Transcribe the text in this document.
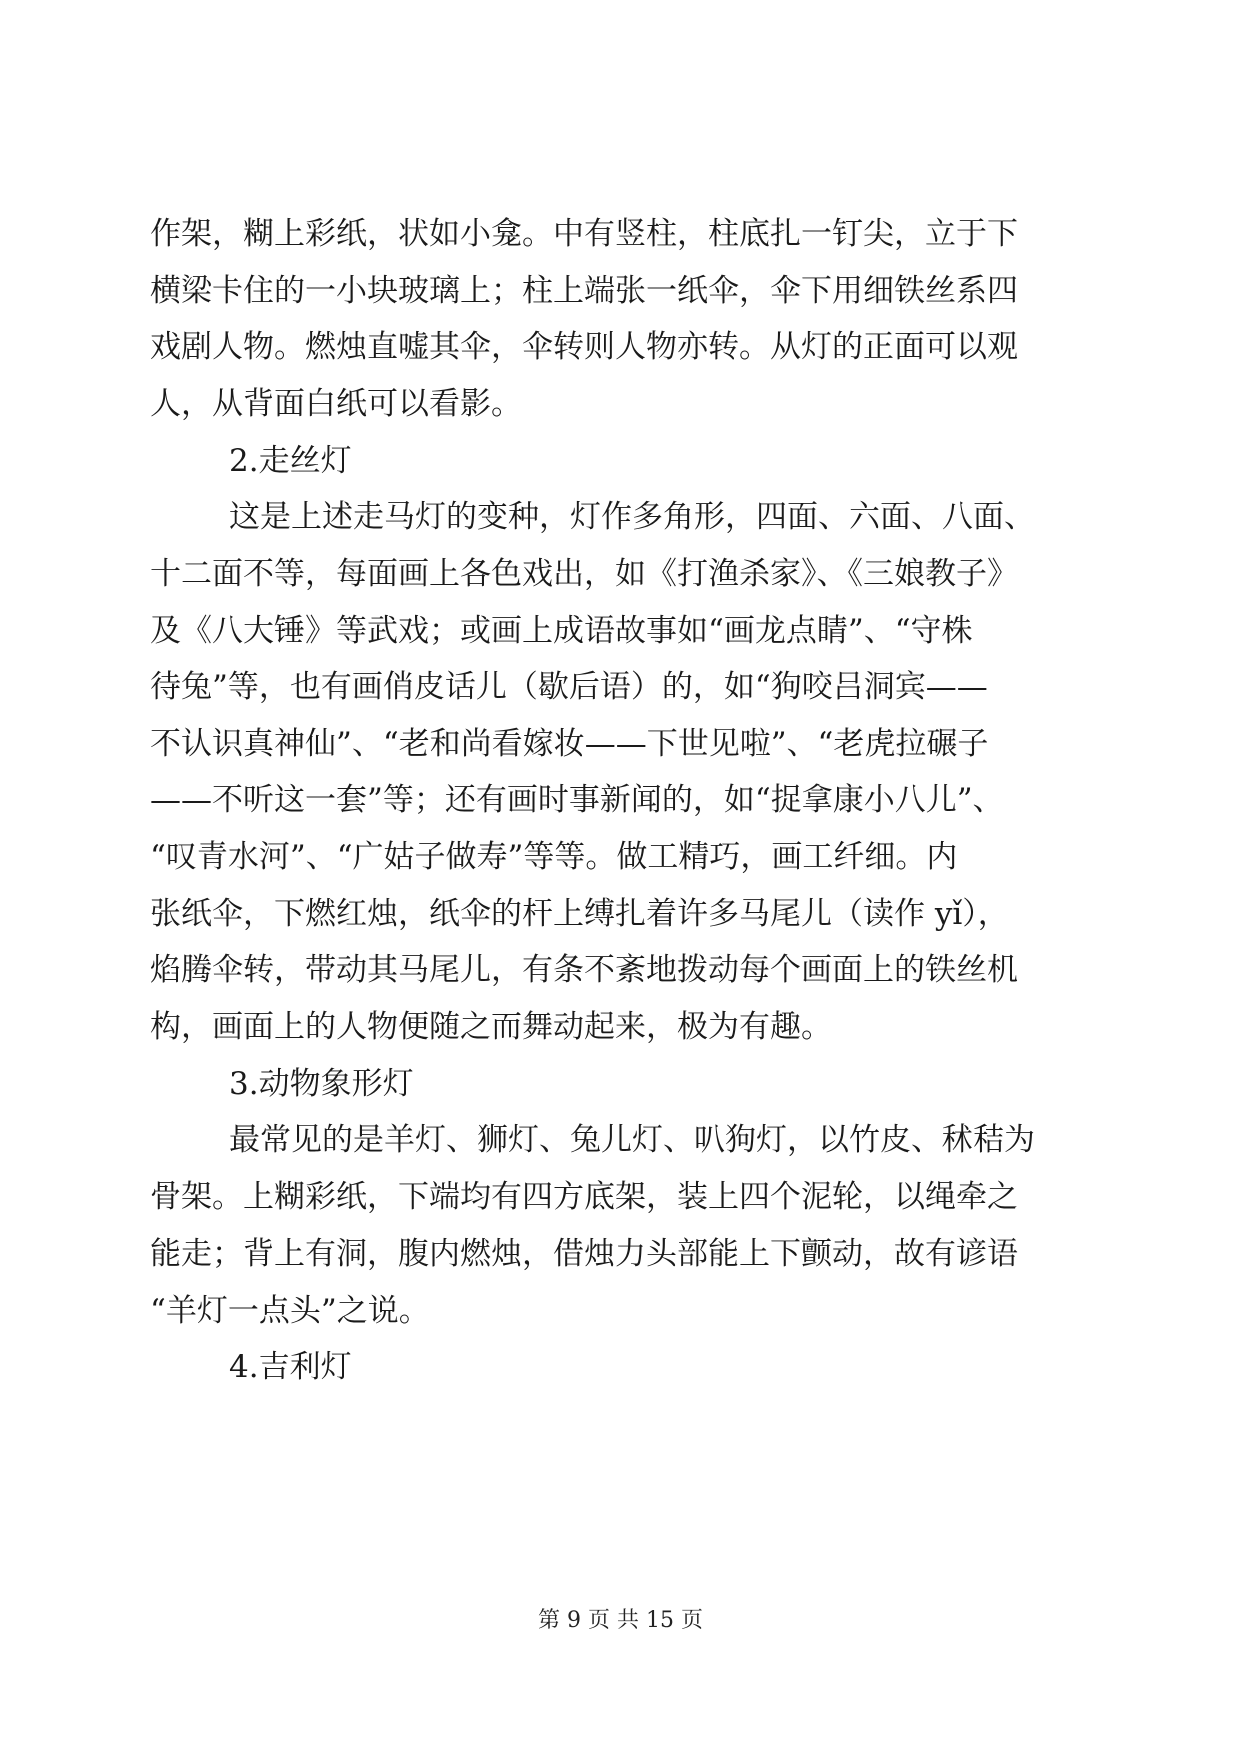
作架，糊上彩纸，状如小龛。中有竖柱，柱底扎一钉尖，立于下
横梁卡住的一小块玻璃上；柱上端张一纸伞，伞下用细铁丝系四
戏剧人物。燃烛直嘘其伞，伞转则人物亦转。从灯的正面可以观
人，从背面白纸可以看影。
2.走丝灯
这是上述走马灯的变种，灯作多角形，四面、六面、八面、
十二面不等，每面画上各色戏出，如《打渔杀家》、《三娘教子》
及《八大锤》等武戏；或画上成语故事如“画龙点睛”、“守株
待兔”等，也有画俏皮话儿（歇后语）的，如“狗咬吕洞宾——
不认识真神仙”、“老和尚看嫁妆——下世见啦”、“老虎拉碾子
——不听这一套”等；还有画时事新闻的，如“捉拿康小八儿”、
“叹青水河”、“广姑子做寿”等等。做工精巧，画工纤细。内
张纸伞，下燃红烛，纸伞的杆上缚扎着许多马尾儿（读作 yǐ），
焰腾伞转，带动其马尾儿，有条不紊地拨动每个画面上的铁丝机
构，画面上的人物便随之而舞动起来，极为有趣。
3.动物象形灯
最常见的是羊灯、狮灯、兔儿灯、叭狗灯，以竹皮、秫秸为
骨架。上糊彩纸，下端均有四方底架，装上四个泥轮，以绳牵之
能走；背上有洞，腹内燃烛，借烛力头部能上下颤动，故有谚语
“羊灯一点头”之说。
4.吉利灯
第 9 页 共 15 页
